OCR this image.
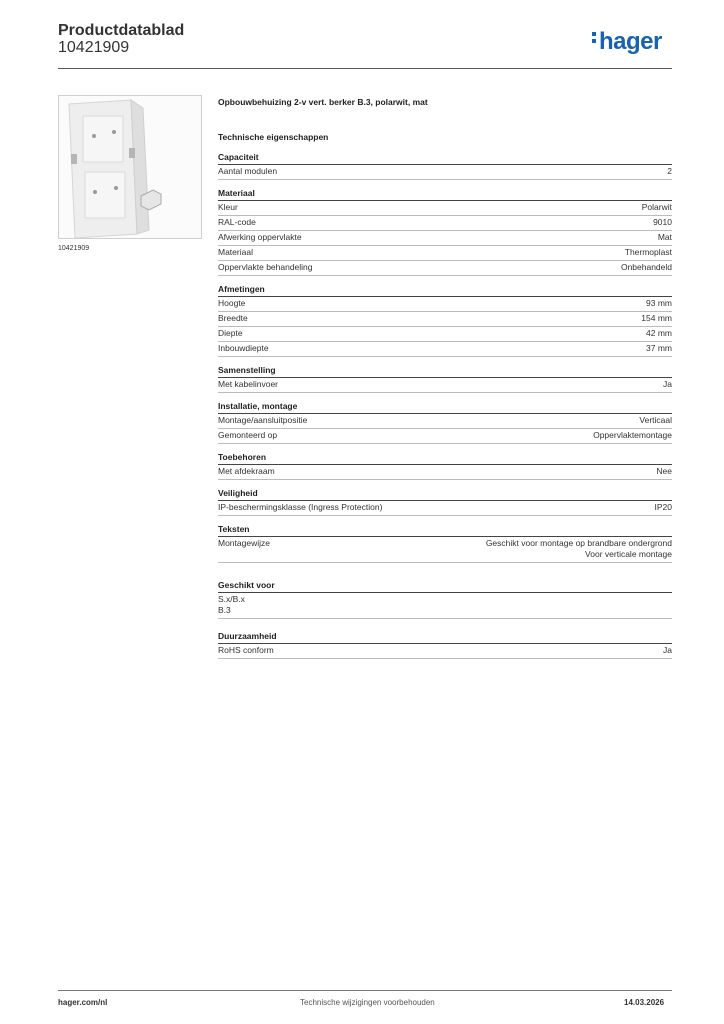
Productdatablad
10421909	hager
10421909
Opbouwbehuizing 2-v vert. berker B.3, polarwit, mat
Technische eigenschappen
Capaciteit
Aantal modulen	2
Materiaal
Kleur	Polarwit
RAL-code	9010
Afwerking oppervlakte	Mat
Materiaal	Thermoplast
Oppervlakte behandeling	Onbehandeld
Afmetingen
Hoogte	93 mm
Breedte	154 mm
Diepte	42 mm
Inbouwdiepte	37 mm
Samenstelling
Met kabelinvoer	Ja
Installatie, montage
Montage/aansluitpositie	Verticaal
Gemonteerd op	Oppervlaktemontage
Toebehoren
Met afdekraam	Nee
Veiligheid
IP-beschermingsklasse (Ingress Protection)	IP20
Teksten
Montagewijze	Geschikt voor montage op brandbare ondergrond
Voor verticale montage
Geschikt voor
S.x/B.x
B.3
Duurzaamheid
RoHS conform	Ja
hager.com/nl	Technische wijzigingen voorbehouden	14.03.2026
